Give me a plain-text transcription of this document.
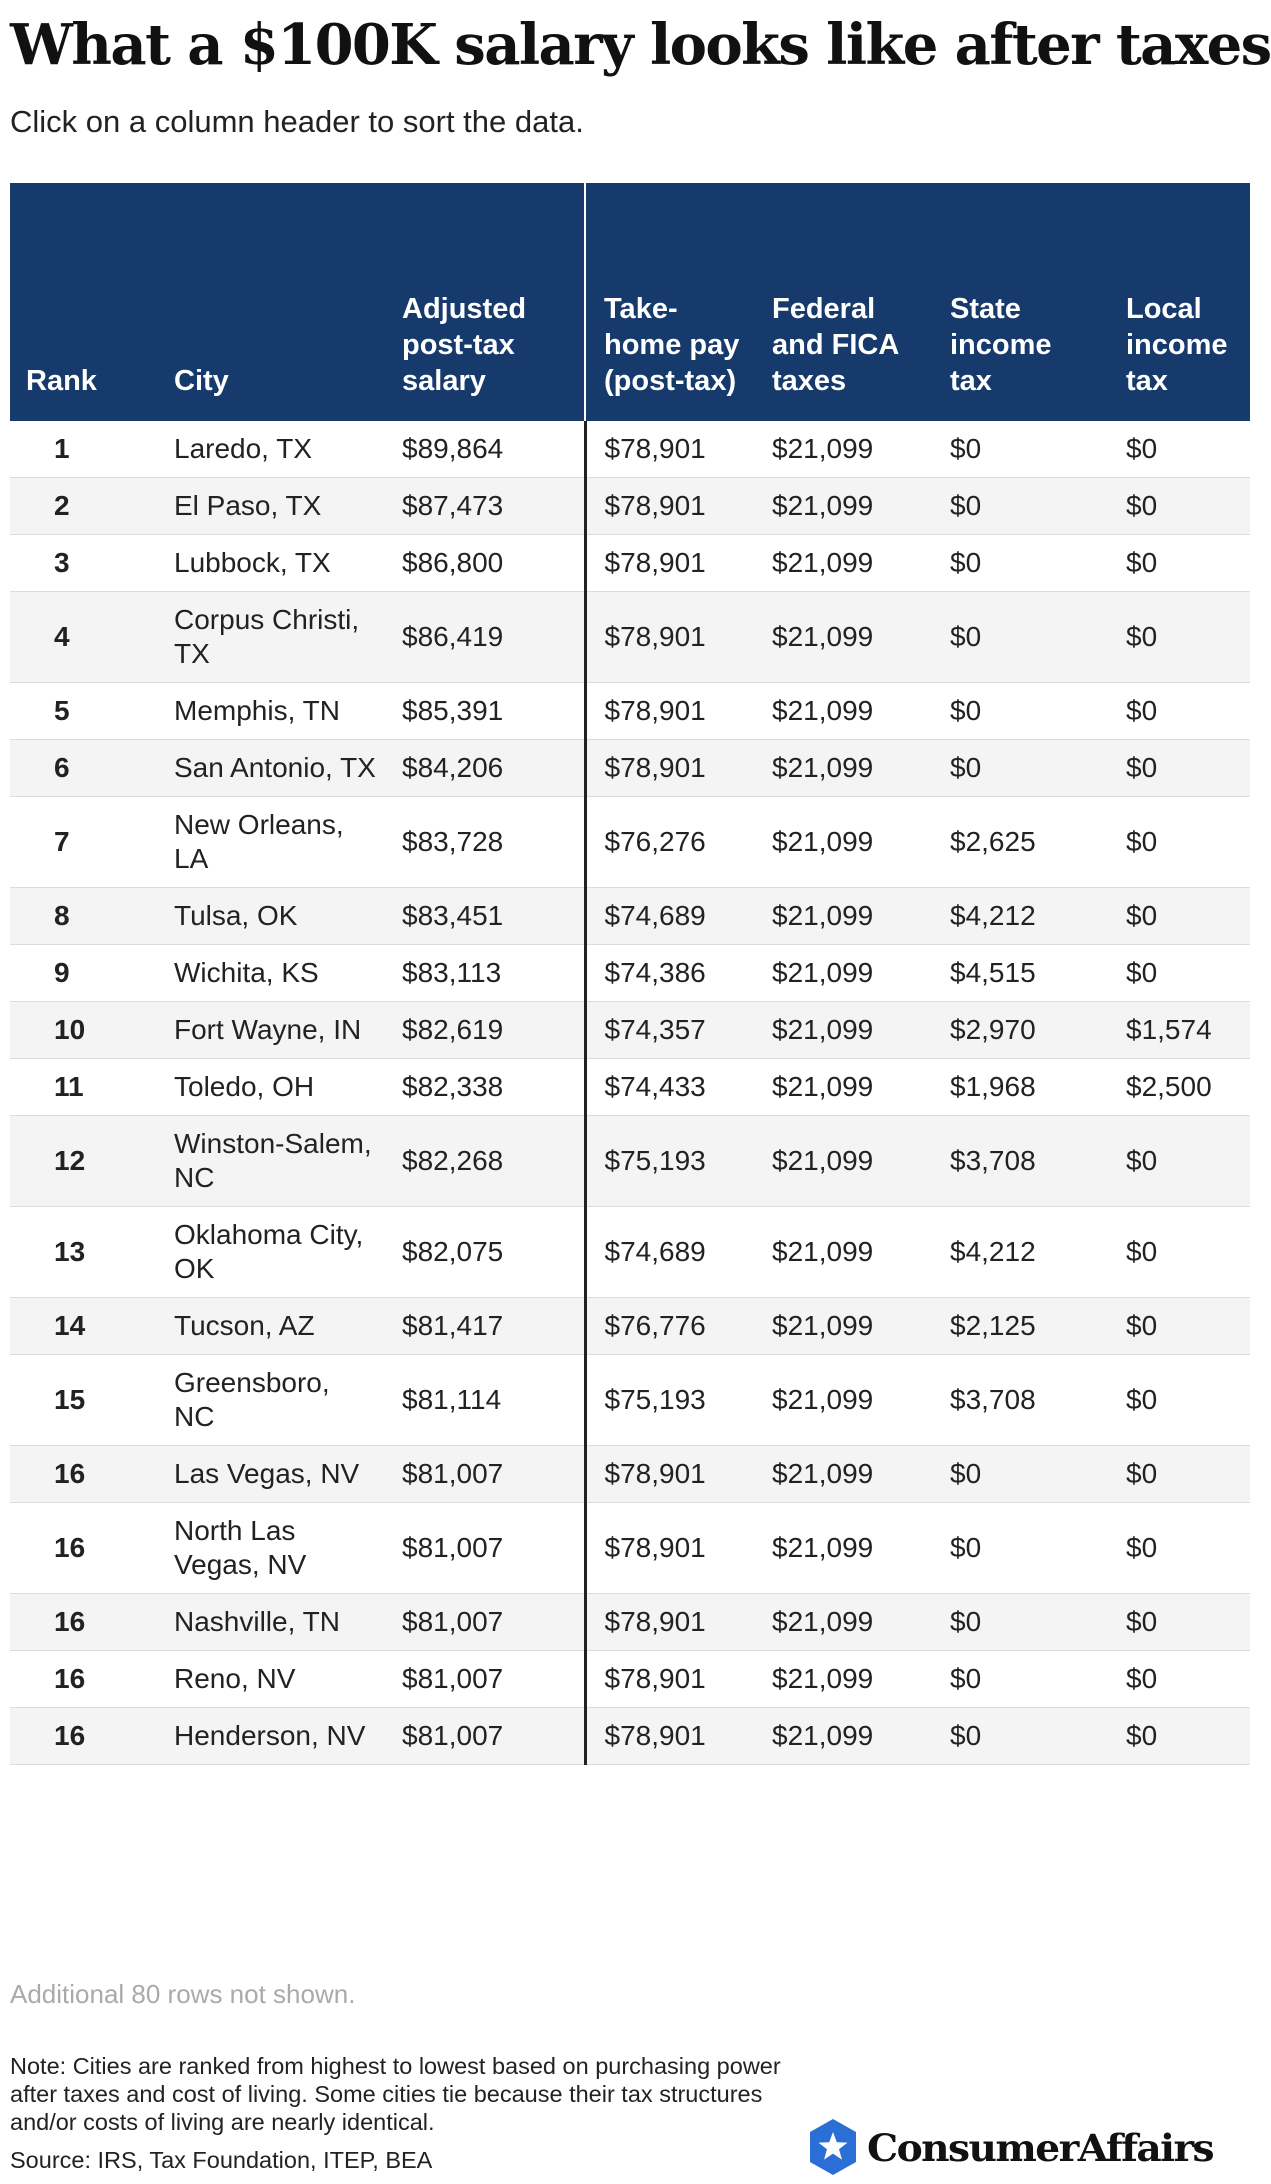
What a $100K salary looks like after taxes

Click on a column header to sort the data.

Rank	City	Adjusted post-tax salary	Take-home pay (post-tax)	Federal and FICA taxes	State income tax	Local income tax
1	Laredo, TX	$89,864	$78,901	$21,099	$0	$0
2	El Paso, TX	$87,473	$78,901	$21,099	$0	$0
3	Lubbock, TX	$86,800	$78,901	$21,099	$0	$0
4	Corpus Christi, TX	$86,419	$78,901	$21,099	$0	$0
5	Memphis, TN	$85,391	$78,901	$21,099	$0	$0
6	San Antonio, TX	$84,206	$78,901	$21,099	$0	$0
7	New Orleans, LA	$83,728	$76,276	$21,099	$2,625	$0
8	Tulsa, OK	$83,451	$74,689	$21,099	$4,212	$0
9	Wichita, KS	$83,113	$74,386	$21,099	$4,515	$0
10	Fort Wayne, IN	$82,619	$74,357	$21,099	$2,970	$1,574
11	Toledo, OH	$82,338	$74,433	$21,099	$1,968	$2,500
12	Winston-Salem, NC	$82,268	$75,193	$21,099	$3,708	$0
13	Oklahoma City, OK	$82,075	$74,689	$21,099	$4,212	$0
14	Tucson, AZ	$81,417	$76,776	$21,099	$2,125	$0
15	Greensboro, NC	$81,114	$75,193	$21,099	$3,708	$0
16	Las Vegas, NV	$81,007	$78,901	$21,099	$0	$0
16	North Las Vegas, NV	$81,007	$78,901	$21,099	$0	$0
16	Nashville, TN	$81,007	$78,901	$21,099	$0	$0
16	Reno, NV	$81,007	$78,901	$21,099	$0	$0
16	Henderson, NV	$81,007	$78,901	$21,099	$0	$0

Additional 80 rows not shown.

Note: Cities are ranked from highest to lowest based on purchasing power after taxes and cost of living. Some cities tie because their tax structures and/or costs of living are nearly identical.

Source: IRS, Tax Foundation, ITEP, BEA	ConsumerAffairs
